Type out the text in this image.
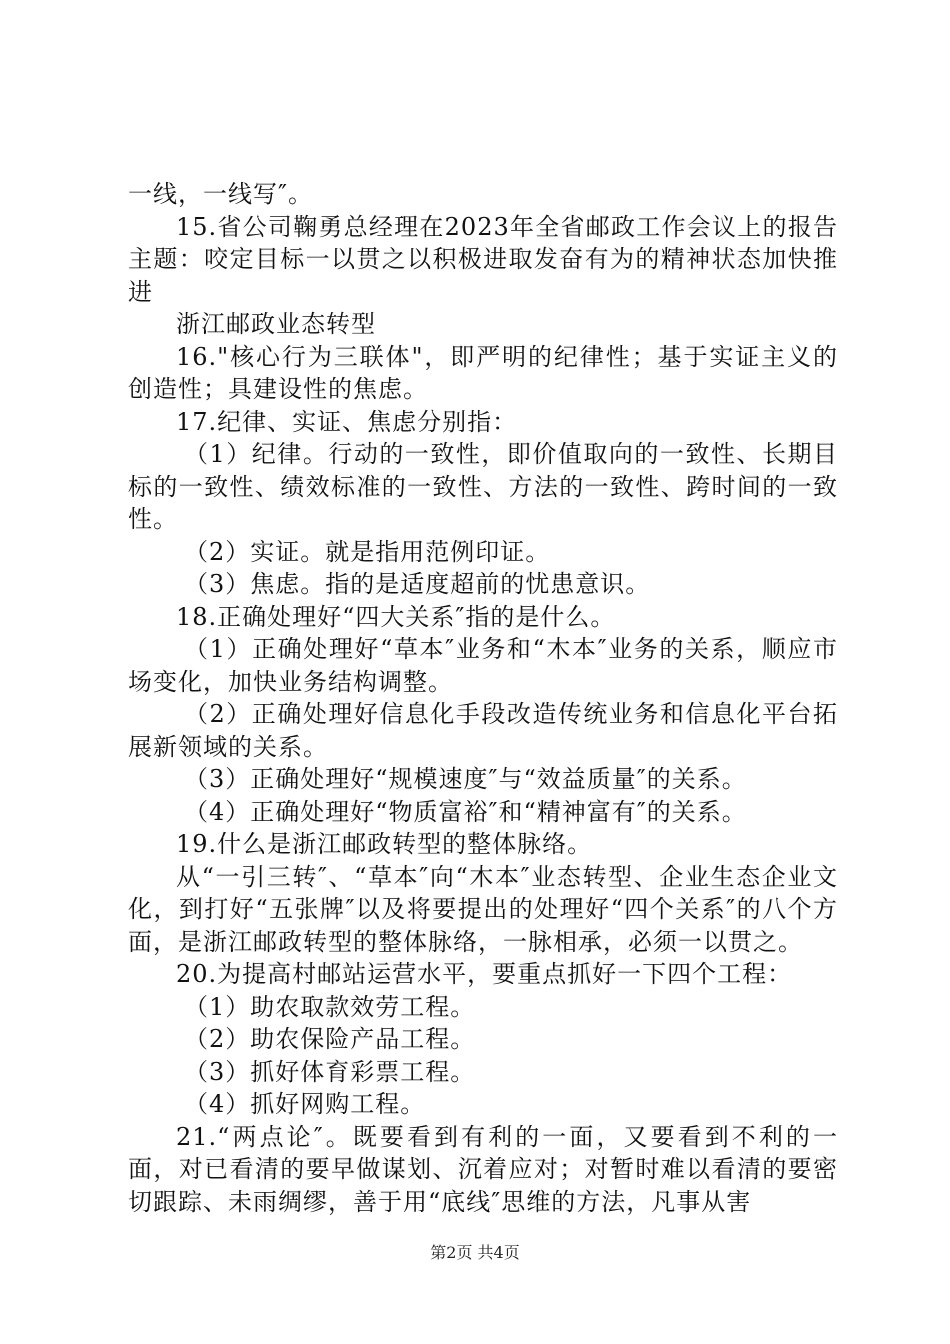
一线，一线写″。

15.省公司鞠勇总经理在2023年全省邮政工作会议上的报告主题：咬定目标一以贯之以积极进取发奋有为的精神状态加快推进

浙江邮政业态转型

16."核心行为三联体"，即严明的纪律性；基于实证主义的创造性；具建设性的焦虑。

17.纪律、实证、焦虑分别指：

（1）纪律。行动的一致性，即价值取向的一致性、长期目标的一致性、绩效标准的一致性、方法的一致性、跨时间的一致性。

（2）实证。就是指用范例印证。

（3）焦虑。指的是适度超前的忧患意识。

18.正确处理好“四大关系″指的是什么。

（1）正确处理好“草本″业务和“木本″业务的关系，顺应市场变化，加快业务结构调整。

（2）正确处理好信息化手段改造传统业务和信息化平台拓展新领域的关系。

（3）正确处理好“规模速度″与“效益质量″的关系。

（4）正确处理好“物质富裕″和“精神富有″的关系。

19.什么是浙江邮政转型的整体脉络。

从“一引三转″、“草本″向“木本″业态转型、企业生态企业文化，到打好“五张牌″以及将要提出的处理好“四个关系″的八个方面，是浙江邮政转型的整体脉络，一脉相承，必须一以贯之。

20.为提高村邮站运营水平，要重点抓好一下四个工程：

（1）助农取款效劳工程。

（2）助农保险产品工程。

（3）抓好体育彩票工程。

（4）抓好网购工程。

21.“两点论″。既要看到有利的一面，又要看到不利的一面，对已看清的要早做谋划、沉着应对；对暂时难以看清的要密切跟踪、未雨绸缪，善于用“底线″思维的方法，凡事从害

第2页 共4页
